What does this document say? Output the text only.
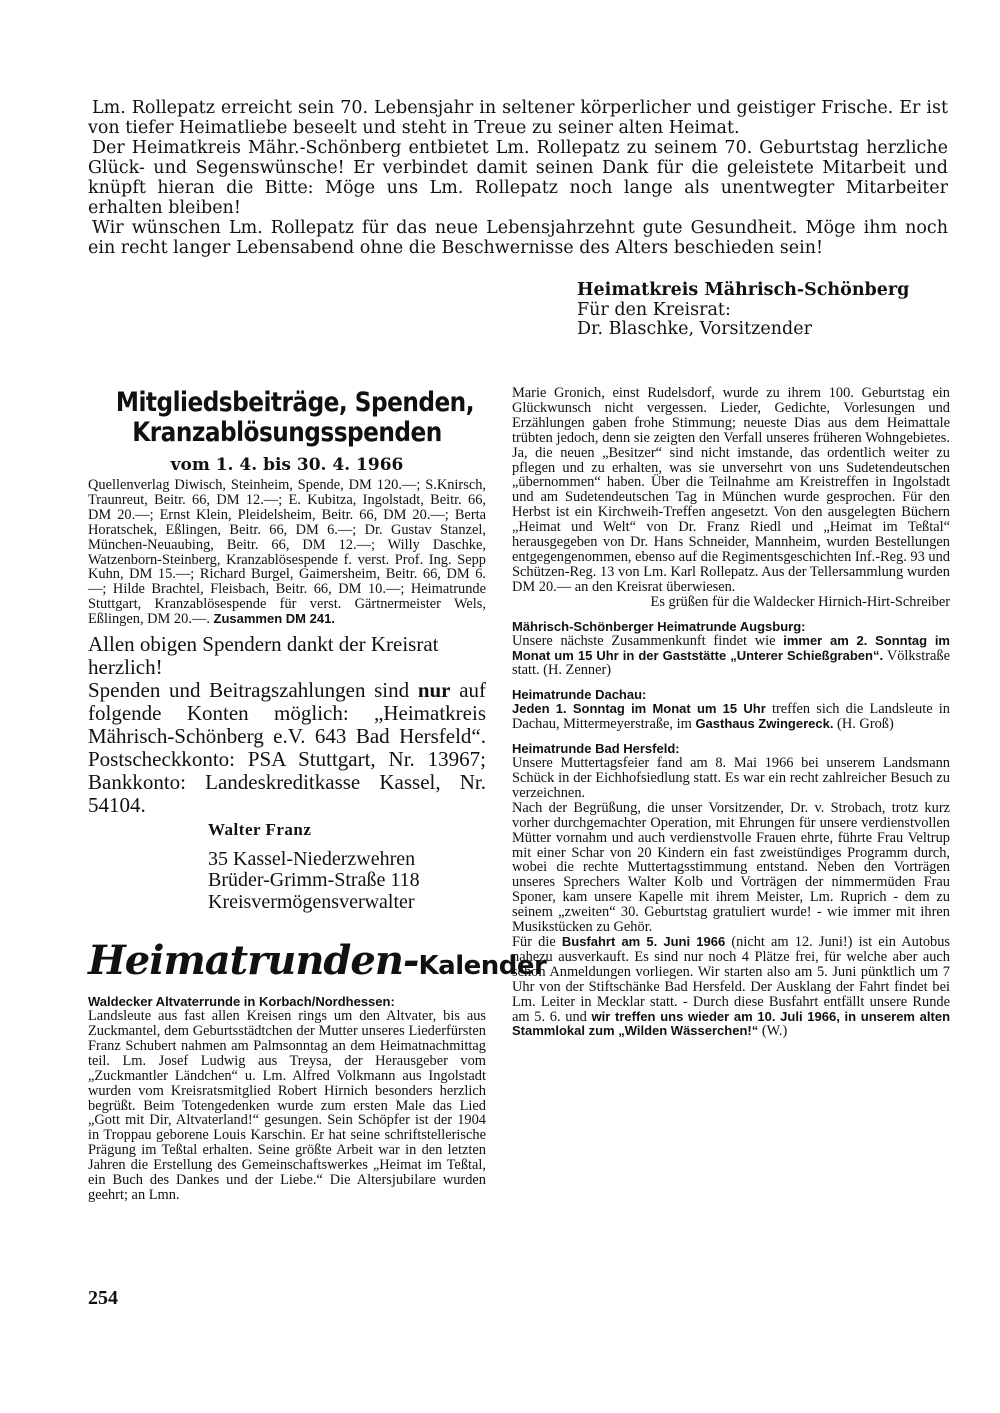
Lm. Rollepatz erreicht sein 70. Lebensjahr in seltener körperlicher und geistiger Frische. Er ist von tiefer Heimatliebe beseelt und steht in Treue zu seiner alten Heimat.

Der Heimatkreis Mähr.-Schönberg entbietet Lm. Rollepatz zu seinem 70. Geburtstag herzliche Glück- und Segenswünsche! Er verbindet damit seinen Dank für die geleistete Mitarbeit und knüpft hieran die Bitte: Möge uns Lm. Rollepatz noch lange als unentwegter Mitarbeiter erhalten bleiben!

Wir wünschen Lm. Rollepatz für das neue Lebensjahrzehnt gute Gesundheit. Möge ihm noch ein recht langer Lebensabend ohne die Beschwernisse des Alters beschieden sein!

Heimatkreis Mährisch-Schönberg
Für den Kreisrat:
Dr. Blaschke, Vorsitzender
Mitgliedsbeiträge, Spenden,
Kranzablösungsspenden
vom 1. 4. bis 30. 4. 1966

Quellenverlag Diwisch, Steinheim, Spende, DM 120.—; S.Knirsch, Traunreut, Beitr. 66, DM 12.—; E. Kubitza, Ingolstadt, Beitr. 66, DM 20.—; Ernst Klein, Pleidelsheim, Beitr. 66, DM 20.—; Berta Horatschek, Eßlingen, Beitr. 66, DM 6.—; Dr. Gustav Stanzel, München-Neuaubing, Beitr. 66, DM 12.—; Willy Daschke, Watzenborn-Steinberg, Kranzablösespende f. verst. Prof. Ing. Sepp Kuhn, DM 15.—; Richard Burgel, Gaimersheim, Beitr. 66, DM 6.—; Hilde Brachtel, Fleisbach, Beitr. 66, DM 10.—; Heimatrunde Stuttgart, Kranzablösespende für verst. Gärtnermeister Wels, Eßlingen, DM 20.—. Zusammen DM 241.

Allen obigen Spendern dankt der Kreisrat herzlich!

Spenden und Beitragszahlungen sind nur auf folgende Konten möglich: „Heimatkreis Mährisch-Schönberg e.V. 643 Bad Hersfeld“. Postscheckkonto: PSA Stuttgart, Nr. 13967; Bankkonto: Landeskreditkasse Kassel, Nr. 54104.

Walter Franz
35 Kassel-Niederzwehren
Brüder-Grimm-Straße 118
Kreisvermögensverwalter
Heimatrunden-Kalender

Waldecker Altvaterrunde in Korbach/Nordhessen:

Landsleute aus fast allen Kreisen rings um den Altvater, bis aus Zuckmantel, dem Geburtsstädtchen der Mutter unseres Liederfürsten Franz Schubert nahmen am Palmsonntag an dem Heimatnachmittag teil. Lm. Josef Ludwig aus Treysa, der Herausgeber vom „Zuckmantler Ländchen“ u. Lm. Alfred Volkmann aus Ingolstadt wurden vom Kreisratsmitglied Robert Hirnich besonders herzlich begrüßt. Beim Totengedenken wurde zum ersten Male das Lied „Gott mit Dir, Altvaterland!“ gesungen. Sein Schöpfer ist der 1904 in Troppau geborene Louis Karschin. Er hat seine schriftstellerische Prägung im Teßtal erhalten. Seine größte Arbeit war in den letzten Jahren die Erstellung des Gemeinschaftswerkes „Heimat im Teßtal, ein Buch des Dankes und der Liebe.“ Die Altersjubilare wurden geehrt; an Lmn.

Marie Gronich, einst Rudelsdorf, wurde zu ihrem 100. Geburtstag ein Glückwunsch nicht vergessen. Lieder, Gedichte, Vorlesungen und Erzählungen gaben frohe Stimmung; neueste Dias aus dem Heimattale trübten jedoch, denn sie zeigten den Verfall unseres früheren Wohngebietes. Ja, die neuen „Besitzer“ sind nicht imstande, das ordentlich weiter zu pflegen und zu erhalten, was sie unversehrt von uns Sudetendeutschen „übernommen“ haben. Über die Teilnahme am Kreistreffen in Ingolstadt und am Sudetendeutschen Tag in München wurde gesprochen. Für den Herbst ist ein Kirchweih-Treffen angesetzt. Von den ausgelegten Büchern „Heimat und Welt“ von Dr. Franz Riedl und „Heimat im Teßtal“ herausgegeben von Dr. Hans Schneider, Mannheim, wurden Bestellungen entgegengenommen, ebenso auf die Regimentsgeschichten Inf.-Reg. 93 und Schützen-Reg. 13 von Lm. Karl Rollepatz. Aus der Tellersammlung wurden DM 20.— an den Kreisrat überwiesen.

Es grüßen für die Waldecker Hirnich-Hirt-Schreiber

Mährisch-Schönberger Heimatrunde Augsburg:

Unsere nächste Zusammenkunft findet wie immer am 2. Sonntag im Monat um 15 Uhr in der Gaststätte „Unterer Schießgraben“. Völkstraße statt. (H. Zenner)

Heimatrunde Dachau:

Jeden 1. Sonntag im Monat um 15 Uhr treffen sich die Landsleute in Dachau, Mittermeyerstraße, im Gasthaus Zwingereck. (H. Groß)

Heimatrunde Bad Hersfeld:

Unsere Muttertagsfeier fand am 8. Mai 1966 bei unserem Landsmann Schück in der Eichhofsiedlung statt. Es war ein recht zahlreicher Besuch zu verzeichnen.

Nach der Begrüßung, die unser Vorsitzender, Dr. v. Strobach, trotz kurz vorher durchgemachter Operation, mit Ehrungen für unsere verdienstvollen Mütter vornahm und auch verdienstvolle Frauen ehrte, führte Frau Veltrup mit einer Schar von 20 Kindern ein fast zweistündiges Programm durch, wobei die rechte Muttertagsstimmung entstand. Neben den Vorträgen unseres Sprechers Walter Kolb und Vorträgen der nimmermüden Frau Sponer, kam unsere Kapelle mit ihrem Meister, Lm. Ruprich - dem zu seinem „zweiten“ 30. Geburtstag gratuliert wurde! - wie immer mit ihren Musikstücken zu Gehör.

Für die Busfahrt am 5. Juni 1966 (nicht am 12. Juni!) ist ein Autobus nahezu ausverkauft. Es sind nur noch 4 Plätze frei, für welche aber auch schon Anmeldungen vorliegen. Wir starten also am 5. Juni pünktlich um 7 Uhr von der Stiftschänke Bad Hersfeld. Der Ausklang der Fahrt findet bei Lm. Leiter in Mecklar statt. - Durch diese Busfahrt entfällt unsere Runde am 5. 6. und wir treffen uns wieder am 10. Juli 1966, in unserem alten Stammlokal zum „Wilden Wässerchen!“ (W.)

254
